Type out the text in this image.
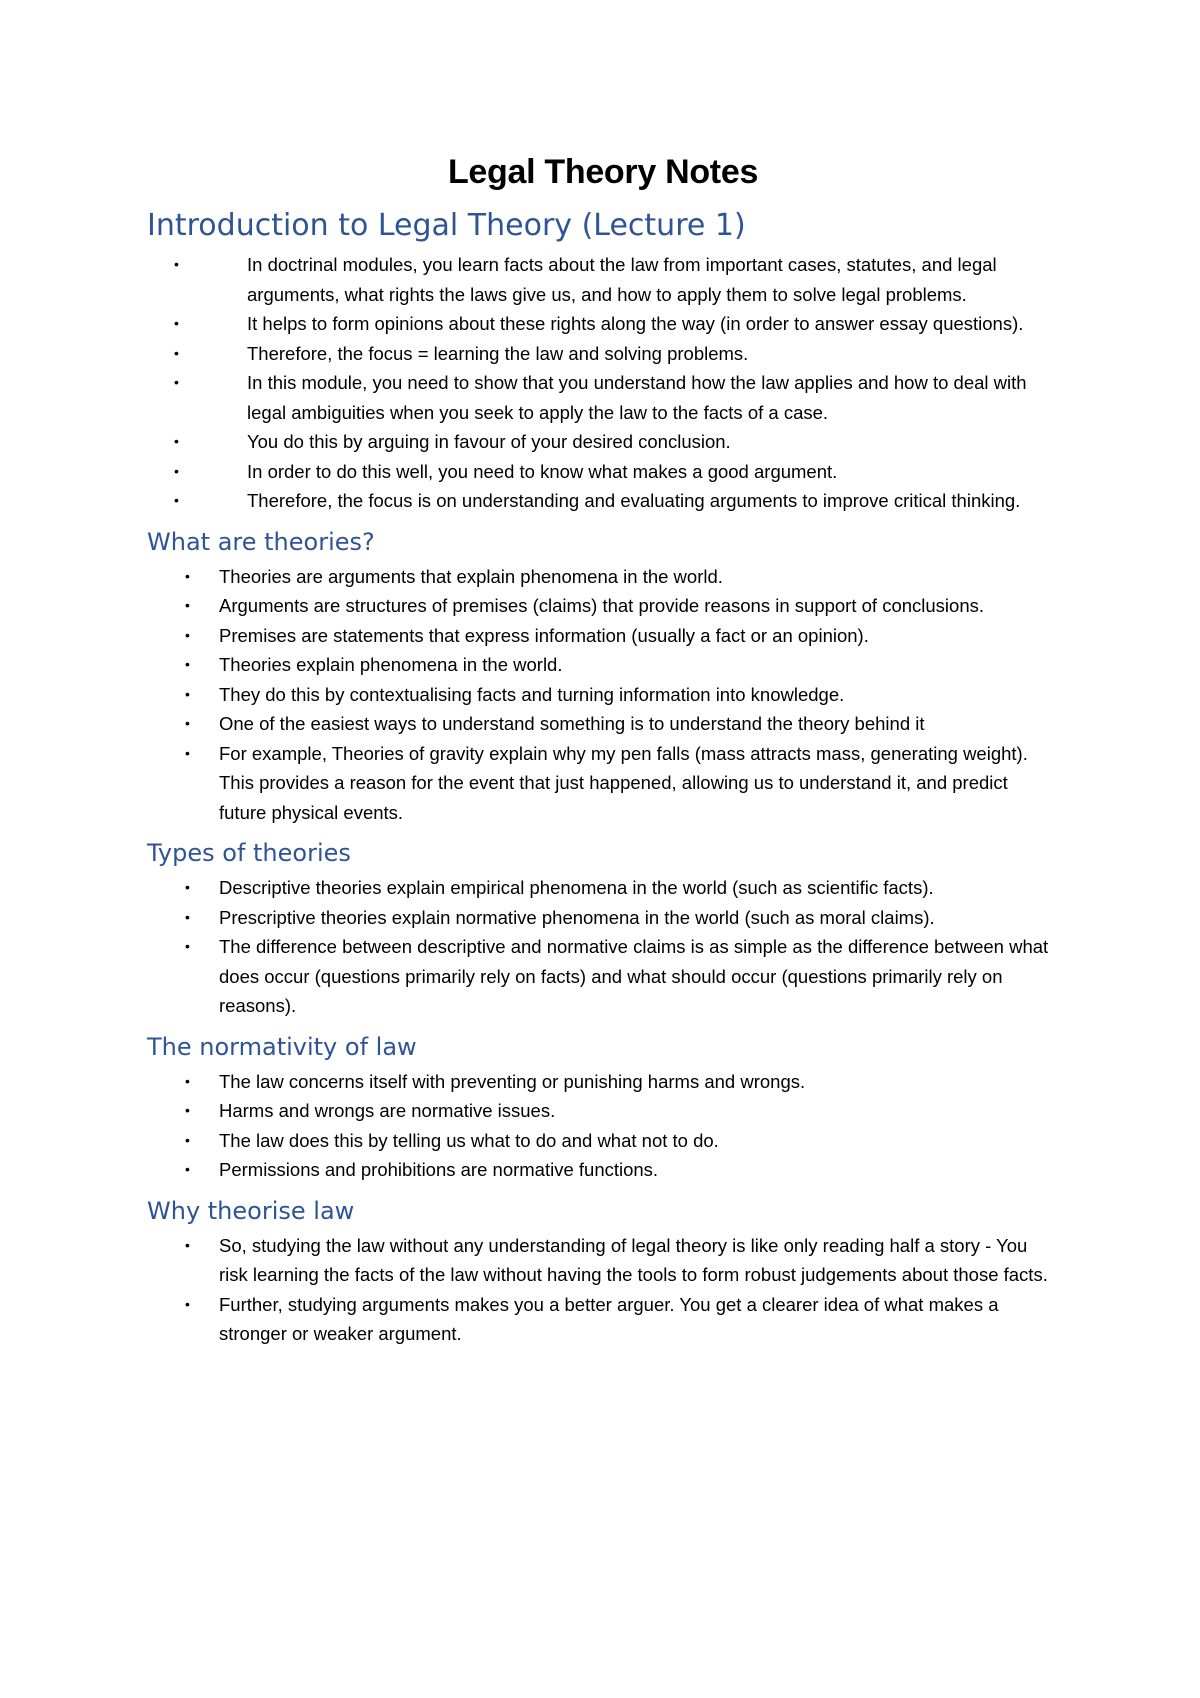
Legal Theory Notes
Introduction to Legal Theory (Lecture 1)
•	In doctrinal modules, you learn facts about the law from important cases, statutes, and legal arguments, what rights the laws give us, and how to apply them to solve legal problems.
•	It helps to form opinions about these rights along the way (in order to answer essay questions).
•	Therefore, the focus = learning the law and solving problems.
•	In this module, you need to show that you understand how the law applies and how to deal with legal ambiguities when you seek to apply the law to the facts of a case.
•	You do this by arguing in favour of your desired conclusion.
•	In order to do this well, you need to know what makes a good argument.
•	Therefore, the focus is on understanding and evaluating arguments to improve critical thinking.
What are theories?
• Theories are arguments that explain phenomena in the world.
• Arguments are structures of premises (claims) that provide reasons in support of conclusions.
• Premises are statements that express information (usually a fact or an opinion).
• Theories explain phenomena in the world.
• They do this by contextualising facts and turning information into knowledge.
• One of the easiest ways to understand something is to understand the theory behind it
• For example, Theories of gravity explain why my pen falls (mass attracts mass, generating weight). This provides a reason for the event that just happened, allowing us to understand it, and predict future physical events.
Types of theories
• Descriptive theories explain empirical phenomena in the world (such as scientific facts).
• Prescriptive theories explain normative phenomena in the world (such as moral claims).
• The difference between descriptive and normative claims is as simple as the difference between what does occur (questions primarily rely on facts) and what should occur (questions primarily rely on reasons).
The normativity of law
• The law concerns itself with preventing or punishing harms and wrongs.
• Harms and wrongs are normative issues.
• The law does this by telling us what to do and what not to do.
• Permissions and prohibitions are normative functions.
Why theorise law
• So, studying the law without any understanding of legal theory is like only reading half a story - You risk learning the facts of the law without having the tools to form robust judgements about those facts.
• Further, studying arguments makes you a better arguer. You get a clearer idea of what makes a stronger or weaker argument.
